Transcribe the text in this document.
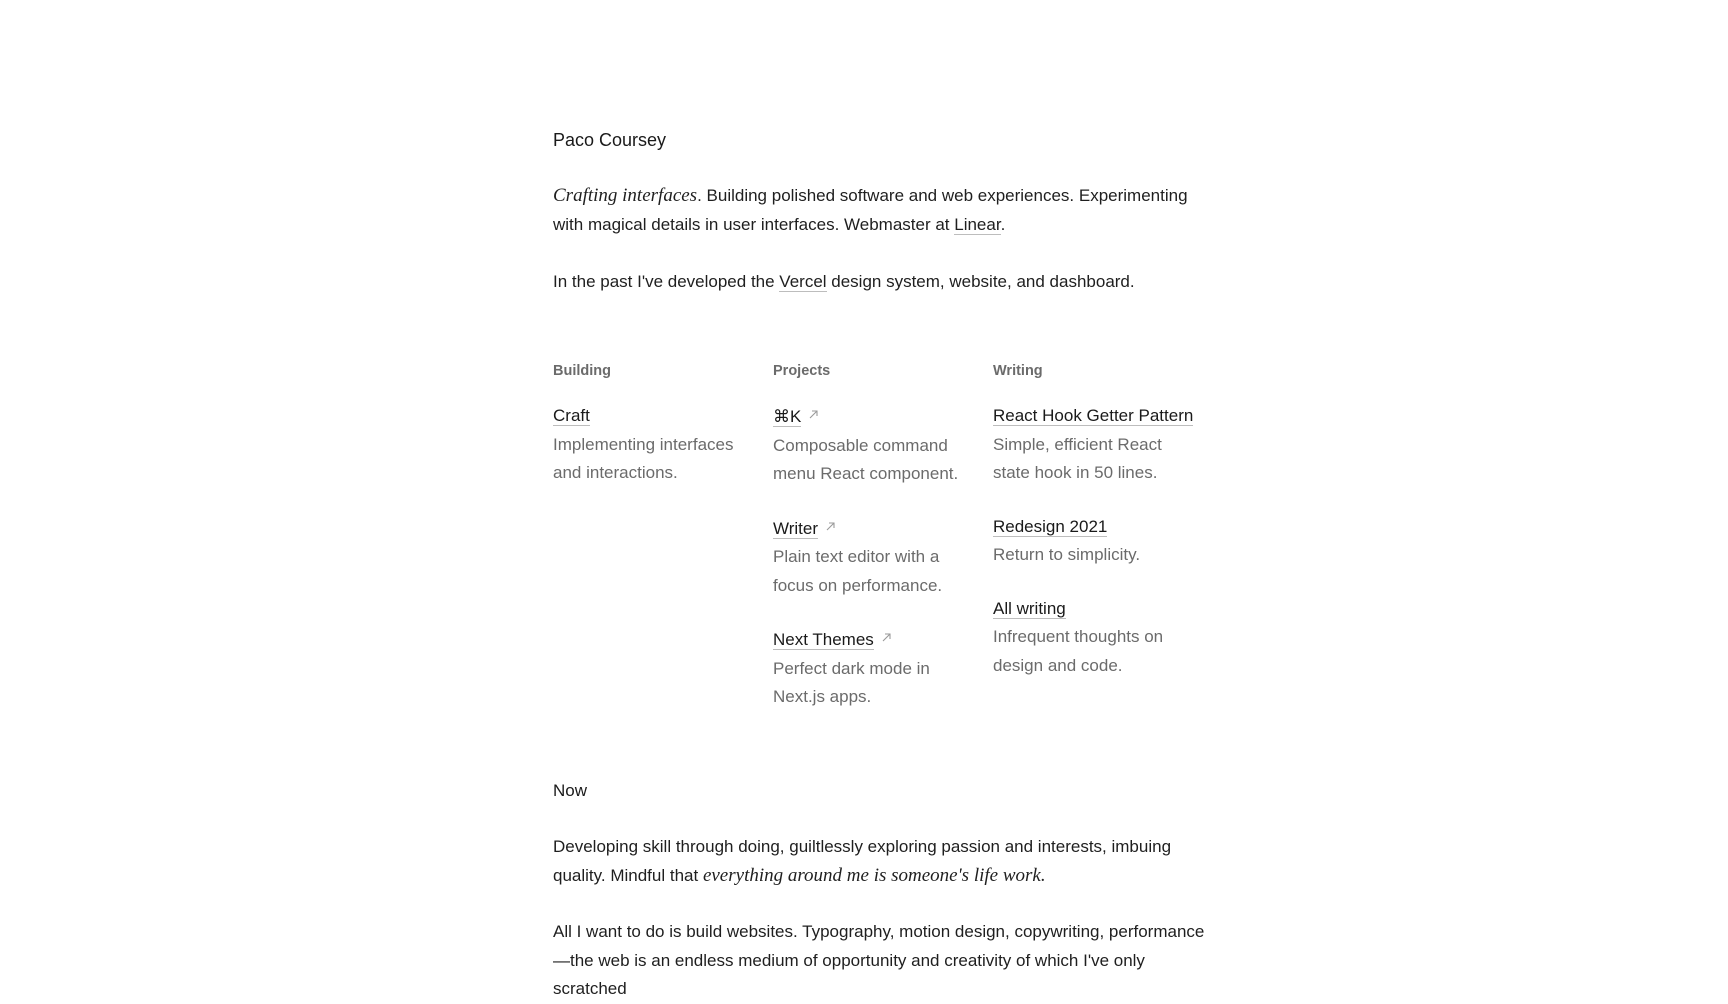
Paco Coursey

Crafting interfaces. Building polished software and web experiences. Experimenting with magical details in user interfaces. Webmaster at Linear.

In the past I've developed the Vercel design system, website, and dashboard.

Building
Craft

Implementing interfaces and interactions.

Projects
⌘K

Composable command menu React component.

Writer

Plain text editor with a focus on performance.

Next Themes

Perfect dark mode in Next.js apps.

Writing
React Hook Getter Pattern

Simple, efficient React state hook in 50 lines.

Redesign 2021

Return to simplicity.

All writing

Infrequent thoughts on design and code.

Now

Developing skill through doing, guiltlessly exploring passion and interests, imbuing quality. Mindful that everything around me is someone's life work.

All I want to do is build websites. Typography, motion design, copywriting, performance—the web is an endless medium of opportunity and creativity of which I've only scratched
